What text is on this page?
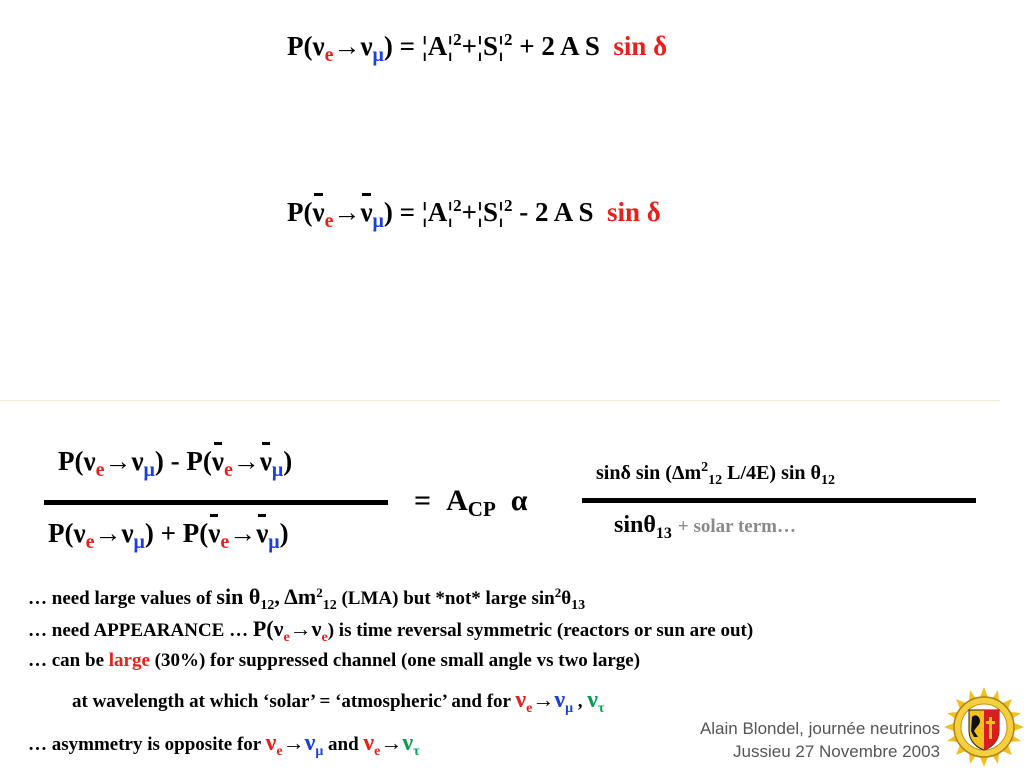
$P(\nu_e\to\nu_\mu)$ = ¦A¦$^2$+¦S¦$^2$ + 2 A S sin δ
$P(\nu_e\to\nu_\mu)$ = ¦A¦$^2$+¦S¦$^2$ - 2 A S sin δ
$P(\nu_e\to\nu_\mu) - P(\nu_e\to\nu_\mu)$
$P(\nu_e\to\nu_\mu) + P(\nu_e\to\nu_\mu)$
= $A_{CP}$ α
sinδ $\sin (\Delta m^2_{12}$ L/4E) $\sin \theta_{12}$
sinθ$_{13}$ + solar term…
… need large values of $\sin \theta_{12}$, $\Delta m^2_{12}$ (LMA) but *not* large $\sin^2\theta_{13}$
… need APPEARANCE … $P(\nu_e\to\nu_e)$ is time reversal symmetric (reactors or sun are out)
… can be large (30%) for suppressed channel (one small angle vs two large)
at wavelength at which ‘solar’ = ‘atmospheric’ and for $\nu_e\to\nu_\mu$ , $\nu_\tau$
… asymmetry is opposite for $\nu_e\to\nu_\mu$ and $\nu_e\to\nu_\tau$
Alain Blondel, journée neutrinos
Jussieu 27 Novembre 2003
